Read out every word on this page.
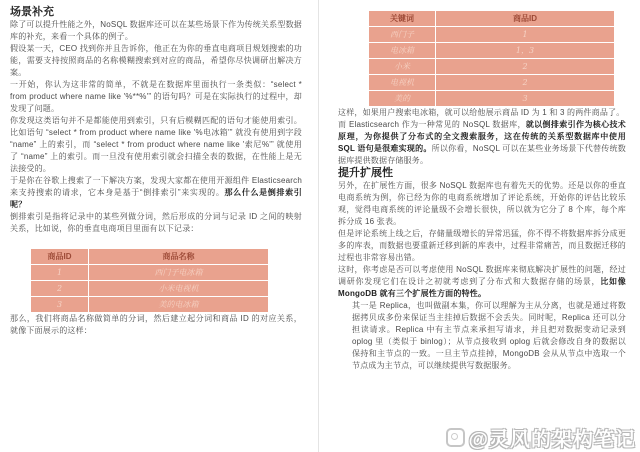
场景补充

除了可以提升性能之外，NoSQL 数据库还可以在某些场景下作为传统关系型数据库的补充，来看一个具体的例子。

假设某一天，CEO 找到你并且告诉你，他正在为你的垂直电商项目规划搜索的功能，需要支持按照商品的名称模糊搜索到对应的商品，希望你尽快调研出解决方案。

一开始，你认为这非常的简单，不就是在数据库里面执行一条类似：“select * from product where name like '%**%'” 的语句吗？可是在实际执行的过程中，却发现了问题。

你发现这类语句并不是都能使用到索引，只有后模糊匹配的语句才能使用索引。比如语句 “select * from product where name like '%电冰箱'” 就没有使用到字段 “name” 上的索引，而 “select * from product where name like '索尼%'” 就使用了 “name” 上的索引。而一旦没有使用索引就会扫描全表的数据，在性能上是无法接受的。

于是你在谷歌上搜索了一下解决方案，发现大家都在使用开源组件 Elasticsearch 来支持搜索的请求，它本身是基于“倒排索引”来实现的。那么什么是倒排索引呢？

倒排索引是指将记录中的某些列做分词，然后形成的分词与记录 ID 之间的映射关系，比如说，你的垂直电商项目里面有以下记录：

商品ID	商品名称
1	西门子电冰箱
2	小米电视机
3	美的电冰箱

那么，我们将商品名称做简单的分词，然后建立起分词和商品 ID 的对应关系，就像下面展示的这样：

关键词	商品ID
西门子	1
电冰箱	1，3
小米	2
电视机	2
美的	3

这样，如果用户搜索电冰箱，就可以给他展示商品 ID 为 1 和 3 的两件商品了。

而 Elasticsearch 作为一种常见的 NoSQL 数据库，就以倒排索引作为核心技术原理，为你提供了分布式的全文搜索服务，这在传统的关系型数据库中使用 SQL 语句是很难实现的。所以你看，NoSQL 可以在某些业务场景下代替传统数据库提供数据存储服务。

提升扩展性

另外，在扩展性方面，很多 NoSQL 数据库也有着先天的优势。还是以你的垂直电商系统为例，你已经为你的电商系统增加了评论系统，开始你的评估比较乐观，觉得电商系统的评论量级不会增长很快，所以就为它分了 8 个库，每个库拆分成 16 张表。

但是评论系统上线之后，存储量级增长的异常迅猛，你不得不将数据库拆分成更多的库表，而数据也要重新迁移到新的库表中，过程非常痛苦，而且数据迁移的过程也非常容易出错。

这时，你考虑是否可以考虑使用 NoSQL 数据库来彻底解决扩展性的问题，经过调研你发现它们在设计之初就考虑到了分布式和大数据存储的场景，比如像 MongoDB 就有三个扩展性方面的特性。

其一是 Replica，也叫做副本集，你可以理解为主从分离，也就是通过将数据拷贝成多份来保证当主挂掉后数据不会丢失。同时呢，Replica 还可以分担读请求。Replica 中有主节点来承担写请求，并且把对数据变动记录到 oplog 里（类似于 binlog）；从节点接收到 oplog 后就会修改自身的数据以保持和主节点的一致。一旦主节点挂掉，MongoDB 会从从节点中选取一个节点成为主节点，可以继续提供写数据服务。

@灵风的架构笔记
